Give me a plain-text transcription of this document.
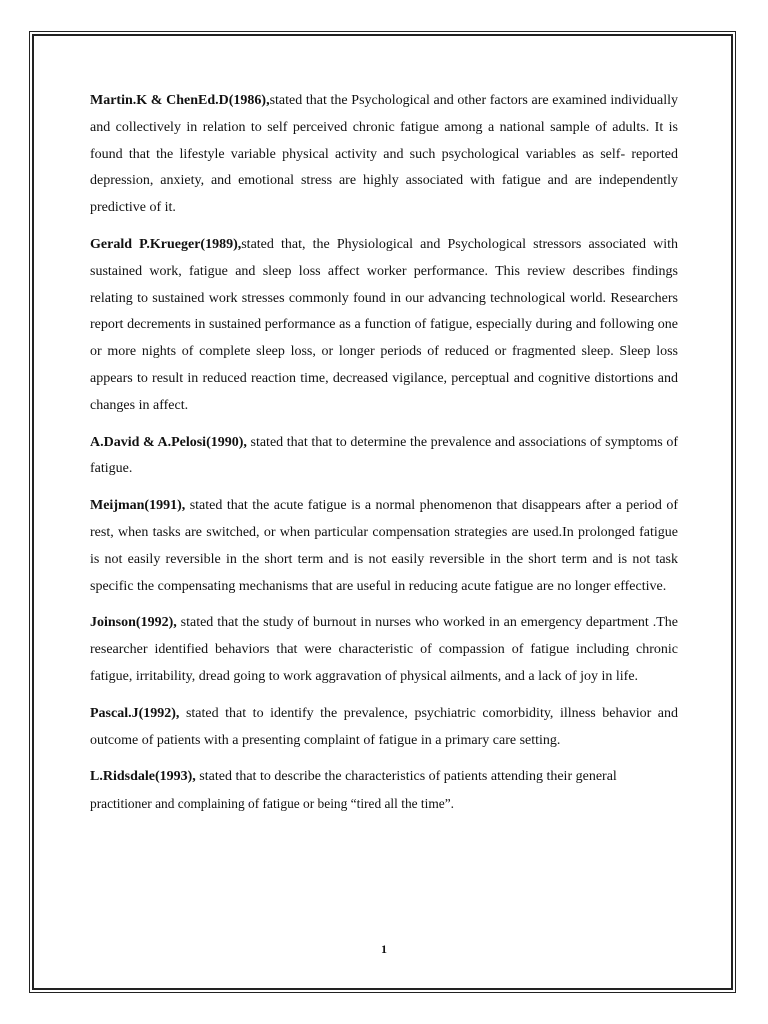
Martin.K & ChenEd.D(1986),stated that the Psychological and other factors are examined individually and collectively in relation to self perceived chronic fatigue among a national sample of adults. It is found that the lifestyle variable physical activity and such psychological variables as self- reported depression, anxiety, and emotional stress are highly associated with fatigue and are independently predictive of it.

Gerald P.Krueger(1989),stated that, the Physiological and Psychological stressors associated with sustained work, fatigue and sleep loss affect worker performance. This review describes findings relating to sustained work stresses commonly found in our advancing technological world. Researchers report decrements in sustained performance as a function of fatigue, especially during and following one or more nights of complete sleep loss, or longer periods of reduced or fragmented sleep. Sleep loss appears to result in reduced reaction time, decreased vigilance, perceptual and cognitive distortions and changes in affect.

A.David & A.Pelosi(1990), stated that that to determine the prevalence and associations of symptoms of fatigue.

Meijman(1991), stated that the acute fatigue is a normal phenomenon that disappears after a period of rest, when tasks are switched, or when particular compensation strategies are used.In prolonged fatigue is not easily reversible in the short term and is not easily reversible in the short term and is not task specific the compensating mechanisms that are useful in reducing acute fatigue are no longer effective.

Joinson(1992), stated that the study of burnout in nurses who worked in an emergency department .The researcher identified behaviors that were characteristic of compassion of fatigue including chronic fatigue, irritability, dread going to work aggravation of physical ailments, and a lack of joy in life.

Pascal.J(1992), stated that to identify the prevalence, psychiatric comorbidity, illness behavior and outcome of patients with a presenting complaint of fatigue in a primary care setting.

L.Ridsdale(1993), stated that to describe the characteristics of patients attending their general
practitioner and complaining of fatigue or being “tired all the time”.

1
